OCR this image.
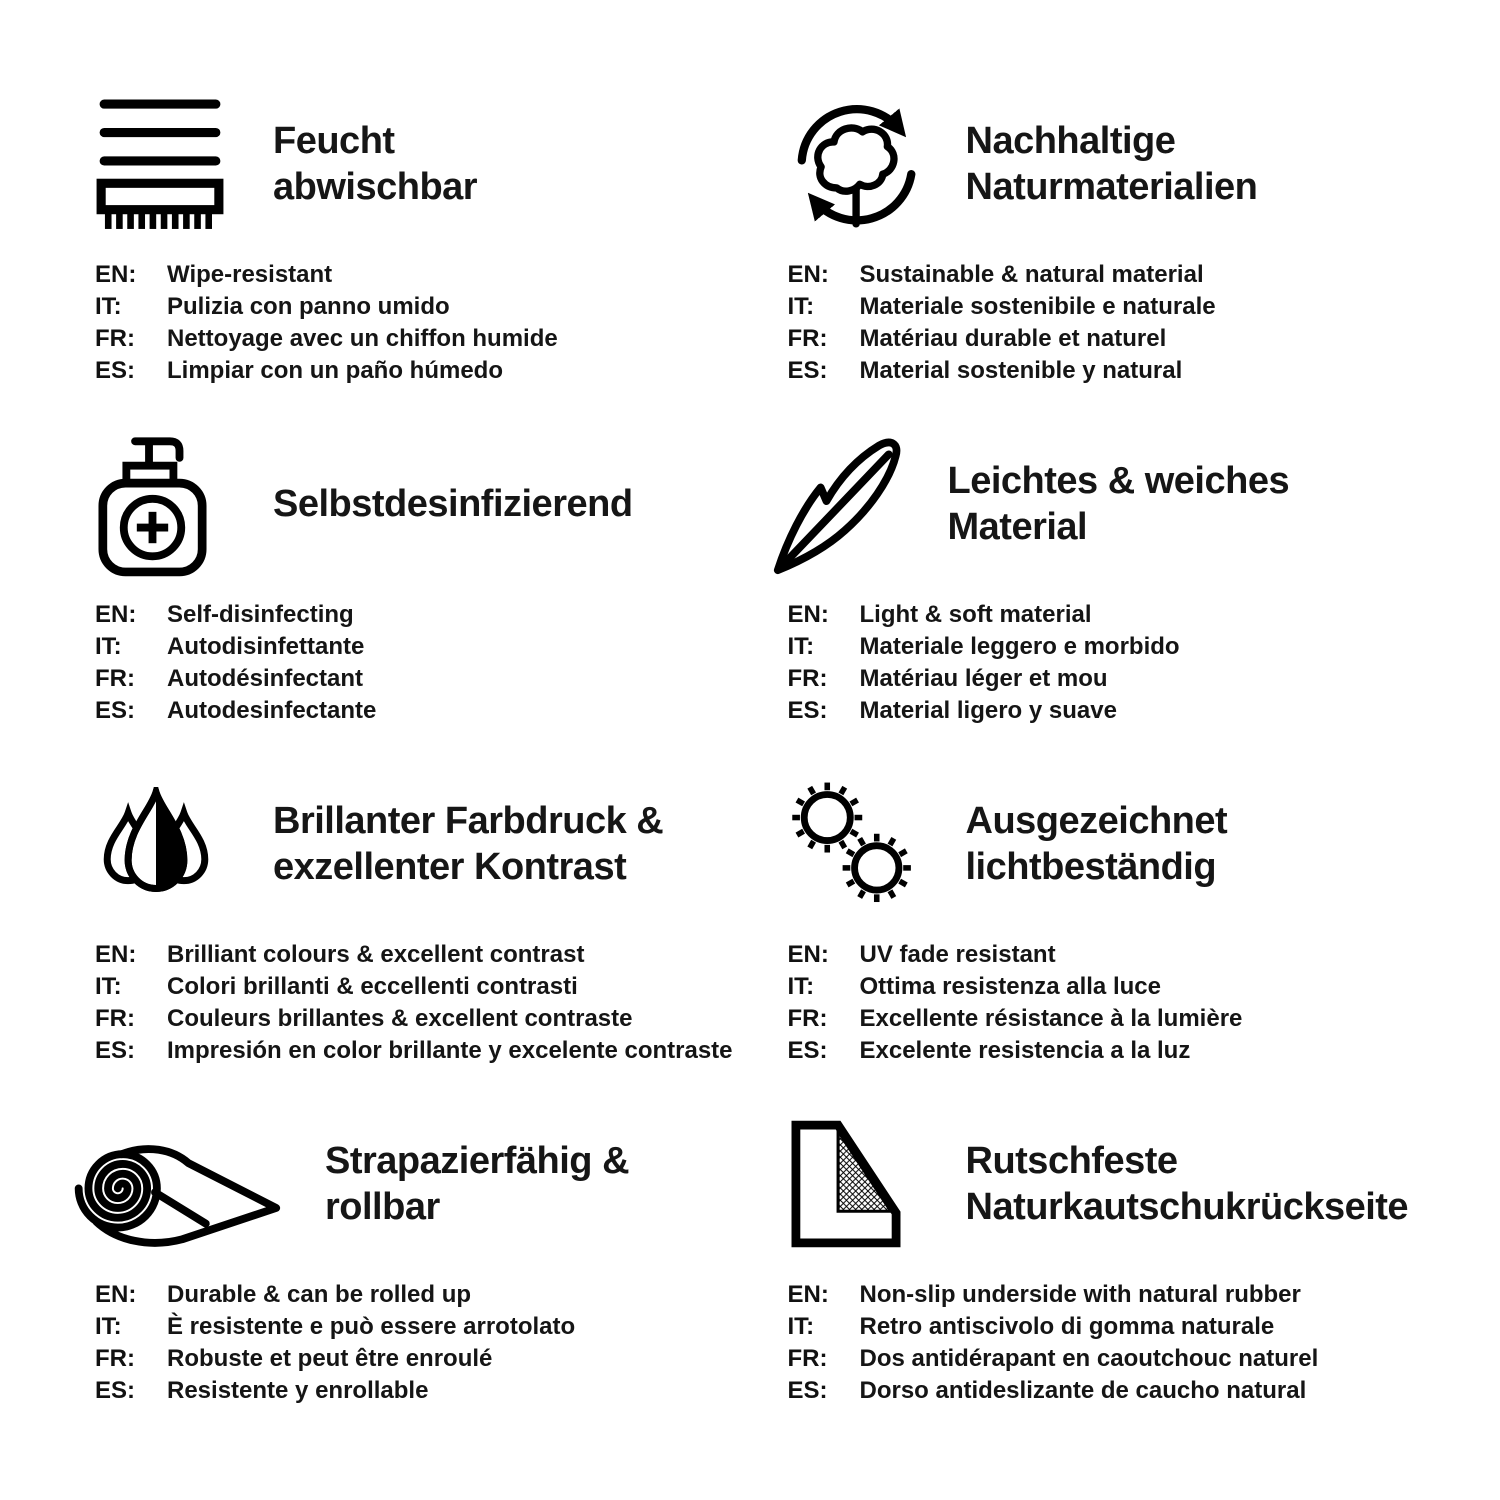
Feucht
abwischbar
EN:	Wipe-resistant
IT:	Pulizia con panno umido
FR:	Nettoyage avec un chiffon humide
ES:	Limpiar con un paño húmedo
Nachhaltige
Naturmaterialien
EN:	Sustainable & natural material
IT:	Materiale sostenibile e naturale
FR:	Matériau durable et naturel
ES:	Material sostenible y natural
Selbstdesinfizierend
EN:	Self-disinfecting
IT:	Autodisinfettante
FR:	Autodésinfectant
ES:	Autodesinfectante
Leichtes & weiches
Material
EN:	Light & soft material
IT:	Materiale leggero e morbido
FR:	Matériau léger et mou
ES:	Material ligero y suave
Brillanter Farbdruck &
exzellenter Kontrast
EN:	Brilliant colours & excellent contrast
IT:	Colori brillanti & eccellenti contrasti
FR:	Couleurs brillantes & excellent contraste
ES:	Impresión en color brillante y excelente contraste
Ausgezeichnet
lichtbeständig
EN:	UV fade resistant
IT:	Ottima resistenza alla luce
FR:	Excellente résistance à la lumière
ES:	Excelente resistencia a la luz
Strapazierfähig &
rollbar
EN:	Durable & can be rolled up
IT:	È resistente e può essere arrotolato
FR:	Robuste et peut être enroulé
ES:	Resistente y enrollable
Rutschfeste
Naturkautschukrückseite
EN:	Non-slip underside with natural rubber
IT:	Retro antiscivolo di gomma naturale
FR:	Dos antidérapant en caoutchouc naturel
ES:	Dorso antideslizante de caucho natural
